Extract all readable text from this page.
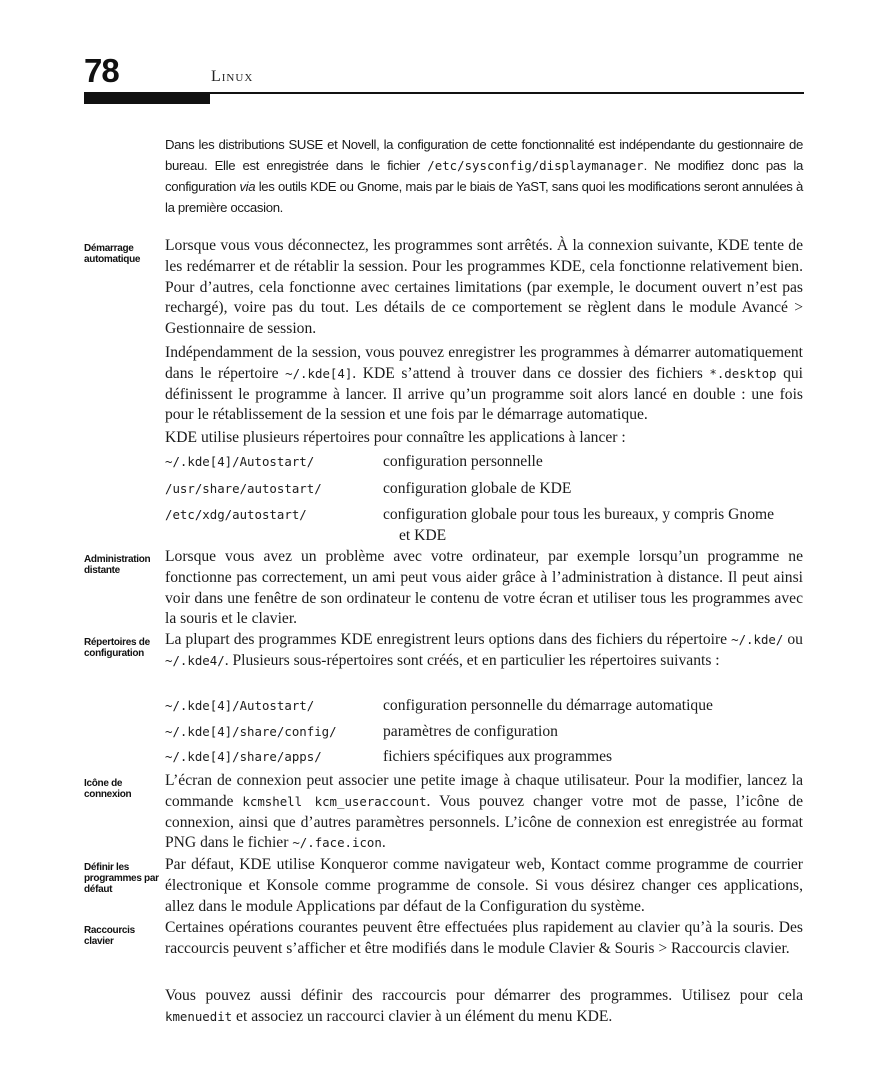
78	Linux
Dans les distributions SUSE et Novell, la configuration de cette fonctionnalité est indépendante du gestionnaire de bureau. Elle est enregistrée dans le fichier /etc/sysconfig/displaymanager. Ne modifiez donc pas la configuration via les outils KDE ou Gnome, mais par le biais de YaST, sans quoi les modifications seront annulées à la première occasion.
Démarrage automatique
Lorsque vous vous déconnectez, les programmes sont arrêtés. À la connexion suivante, KDE tente de les redémarrer et de rétablir la session. Pour les programmes KDE, cela fonctionne relativement bien. Pour d’autres, cela fonctionne avec certaines limitations (par exemple, le document ouvert n’est pas rechargé), voire pas du tout. Les détails de ce comportement se règlent dans le module Avancé > Gestionnaire de session.
Indépendamment de la session, vous pouvez enregistrer les programmes à démarrer automatiquement dans le répertoire ~/.kde[4]. KDE s’attend à trouver dans ce dossier des fichiers *.desktop qui définissent le programme à lancer. Il arrive qu’un programme soit alors lancé en double : une fois pour le rétablissement de la session et une fois par le démarrage automatique.
KDE utilise plusieurs répertoires pour connaître les applications à lancer :
~/.kde[4]/Autostart/	configuration personnelle
/usr/share/autostart/	configuration globale de KDE
/etc/xdg/autostart/	configuration globale pour tous les bureaux, y compris Gnome
et KDE
Administration distante
Lorsque vous avez un problème avec votre ordinateur, par exemple lorsqu’un programme ne fonctionne pas correctement, un ami peut vous aider grâce à l’administration à distance. Il peut ainsi voir dans une fenêtre de son ordinateur le contenu de votre écran et utiliser tous les programmes avec la souris et le clavier.
Répertoires de configuration
La plupart des programmes KDE enregistrent leurs options dans des fichiers du répertoire ~/.kde/ ou ~/.kde4/. Plusieurs sous-répertoires sont créés, et en particulier les répertoires suivants :
~/.kde[4]/Autostart/	configuration personnelle du démarrage automatique
~/.kde[4]/share/config/	paramètres de configuration
~/.kde[4]/share/apps/	fichiers spécifiques aux programmes
Icône de connexion
L’écran de connexion peut associer une petite image à chaque utilisateur. Pour la modifier, lancez la commande kcmshell kcm_useraccount. Vous pouvez changer votre mot de passe, l’icône de connexion, ainsi que d’autres paramètres personnels. L’icône de connexion est enregistrée au format PNG dans le fichier ~/.face.icon.
Définir les programmes par défaut
Par défaut, KDE utilise Konqueror comme navigateur web, Kontact comme programme de courrier électronique et Konsole comme programme de console. Si vous désirez changer ces applications, allez dans le module Applications par défaut de la Configuration du système.
Raccourcis clavier
Certaines opérations courantes peuvent être effectuées plus rapidement au clavier qu’à la souris. Des raccourcis peuvent s’afficher et être modifiés dans le module Clavier & Souris > Raccourcis clavier.
Vous pouvez aussi définir des raccourcis pour démarrer des programmes. Utilisez pour cela kmenuedit et associez un raccourci clavier à un élément du menu KDE.
